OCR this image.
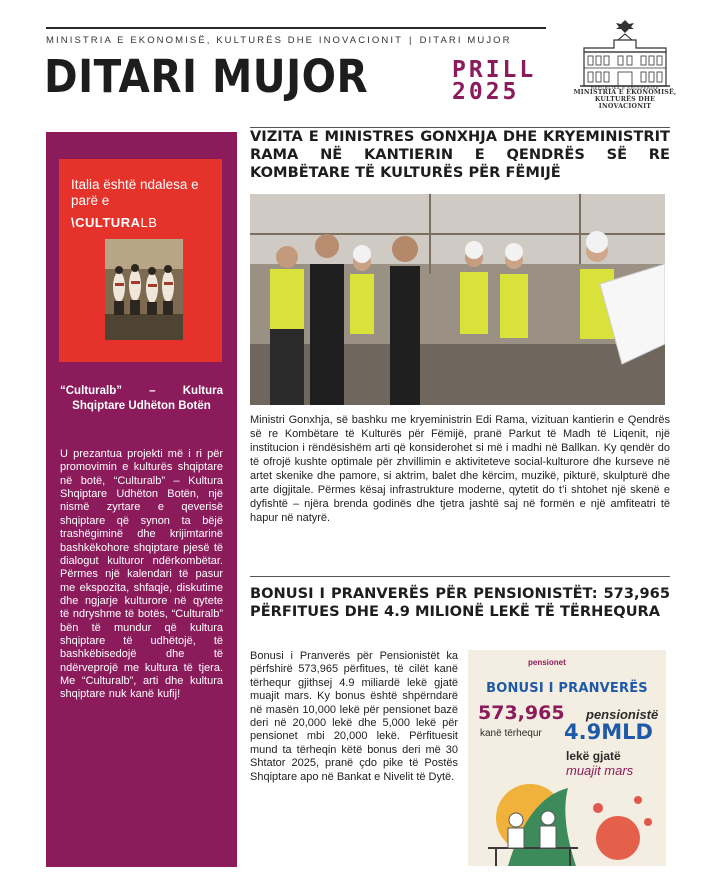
MINISTRIA E EKONOMISË, KULTURËS DHE INOVACIONIT | DITARI MUJOR
DITARI MUJOR	PRILL
2025	REPUBLIKA E SHQIPËRISË
MINISTRIA E EKONOMISË,
KULTURËS DHE INOVACIONIT
Italia është ndalesa e parë e
\CULTURALB
“Culturalb” – Kultura Shqiptare Udhëton Botën
U prezantua projekti më i ri për promovimin e kulturës shqiptare në botë, “Culturalb” – Kultura Shqiptare Udhëton Botën, një nismë zyrtare e qeverisë shqiptare që synon ta bëjë trashëgiminë dhe krijimtarinë bashkëkohore shqiptare pjesë të dialogut kulturor ndërkombëtar. Përmes një kalendari të pasur me ekspozita, shfaqje, diskutime dhe ngjarje kulturore në qytete të ndryshme të botës, “Culturalb” bën të mundur që kultura shqiptare të udhëtojë, të bashkëbisedojë dhe të ndërveprojë me kultura të tjera. Me “Culturalb”, arti dhe kultura shqiptare nuk kanë kufij!
VIZITA E MINISTRES GONXHJA DHE KRYEMINISTRIT RAMA NË KANTIERIN E QENDRËS SË RE KOMBËTARE TË KULTURËS PËR FËMIJË
Ministri Gonxhja, së bashku me kryeministrin Edi Rama, vizituan kantierin e Qendrës së re Kombëtare të Kulturës për Fëmijë, pranë Parkut të Madh të Liqenit, një institucion i rëndësishëm arti që konsiderohet si më i madhi në Ballkan. Ky qendër do të ofrojë kushte optimale për zhvillimin e aktiviteteve social-kulturore dhe kurseve në artet skenike dhe pamore, si aktrim, balet dhe kërcim, muzikë, pikturë, skulpturë dhe arte digjitale. Përmes kësaj infrastrukture moderne, qytetit do t’i shtohet një skenë e dyfishtë – njëra brenda godinës dhe tjetra jashtë saj në formën e një amfiteatri të hapur në natyrë.
BONUSI I PRANVERËS PËR PENSIONISTËT: 573,965 PËRFITUES DHE 4.9 MILIONË LEKË TË TËRHEQURA
Bonusi i Pranverës për Pensionistët ka përfshirë 573,965 përfitues, të cilët kanë tërhequr gjithsej 4.9 miliardë lekë gjatë muajit mars. Ky bonus është shpërndarë në masën 10,000 lekë për pensionet bazë deri në 20,000 lekë dhe 5,000 lekë për pensionet mbi 20,000 lekë. Përfituesit mund ta tërheqin këtë bonus deri më 30 Shtator 2025, pranë çdo pike të Postës Shqiptare apo në Bankat e Nivelit të Dytë.
pensionet
BONUSI I PRANVERËS
573,965 pensionistë
kanë tërhequr 4.9MLD
lekë gjatë
muajit mars
